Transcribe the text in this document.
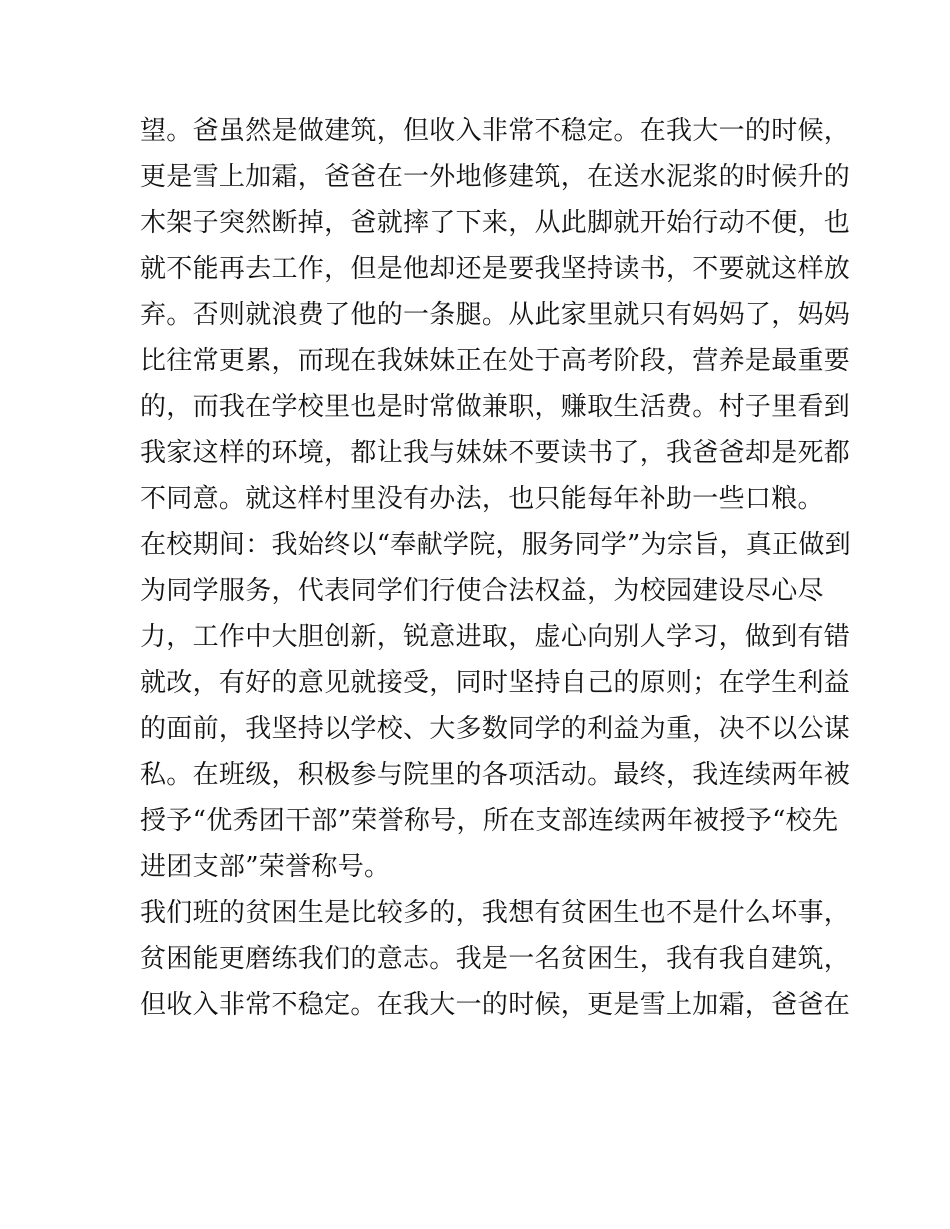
望。爸虽然是做建筑，但收入非常不稳定。在我大一的时候，
更是雪上加霜，爸爸在一外地修建筑，在送水泥浆的时候升的
木架子突然断掉，爸就摔了下来，从此脚就开始行动不便，也
就不能再去工作，但是他却还是要我坚持读书，不要就这样放
弃。否则就浪费了他的一条腿。从此家里就只有妈妈了，妈妈
比往常更累，而现在我妹妹正在处于高考阶段，营养是最重要
的，而我在学校里也是时常做兼职，赚取生活费。村子里看到
我家这样的环境，都让我与妹妹不要读书了，我爸爸却是死都
不同意。就这样村里没有办法，也只能每年补助一些口粮。
在校期间：我始终以“奉献学院，服务同学”为宗旨，真正做到
为同学服务，代表同学们行使合法权益，为校园建设尽心尽
力，工作中大胆创新，锐意进取，虚心向别人学习，做到有错
就改，有好的意见就接受，同时坚持自己的原则；在学生利益
的面前，我坚持以学校、大多数同学的利益为重，决不以公谋
私。在班级，积极参与院里的各项活动。最终，我连续两年被
授予“优秀团干部”荣誉称号，所在支部连续两年被授予“校先
进团支部”荣誉称号。
我们班的贫困生是比较多的，我想有贫困生也不是什么坏事，
贫困能更磨练我们的意志。我是一名贫困生，我有我自建筑，
但收入非常不稳定。在我大一的时候，更是雪上加霜，爸爸在
